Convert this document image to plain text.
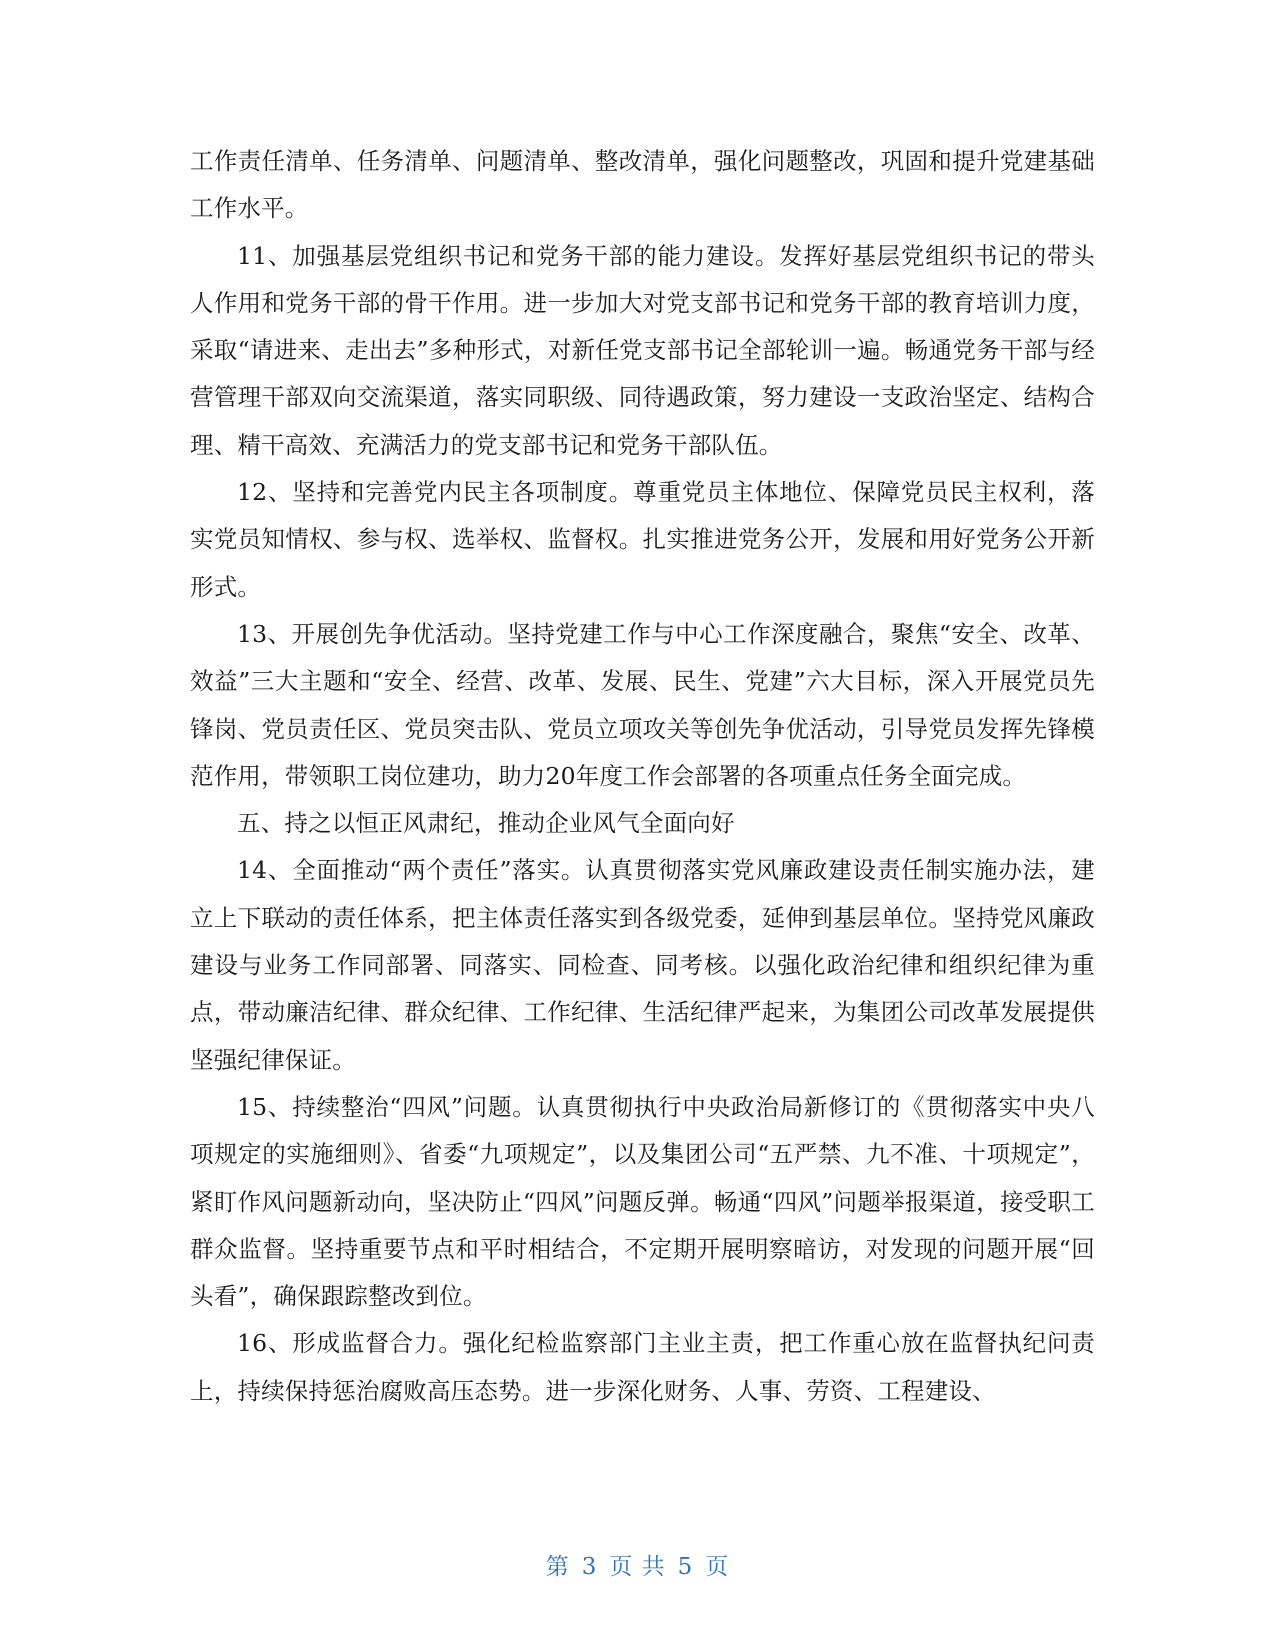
工作责任清单、任务清单、问题清单、整改清单，强化问题整改，巩固和提升党建基础工作水平。

11、加强基层党组织书记和党务干部的能力建设。发挥好基层党组织书记的带头人作用和党务干部的骨干作用。进一步加大对党支部书记和党务干部的教育培训力度，采取“请进来、走出去”多种形式，对新任党支部书记全部轮训一遍。畅通党务干部与经营管理干部双向交流渠道，落实同职级、同待遇政策，努力建设一支政治坚定、结构合理、精干高效、充满活力的党支部书记和党务干部队伍。

12、坚持和完善党内民主各项制度。尊重党员主体地位、保障党员民主权利，落实党员知情权、参与权、选举权、监督权。扎实推进党务公开，发展和用好党务公开新形式。

13、开展创先争优活动。坚持党建工作与中心工作深度融合，聚焦“安全、改革、效益”三大主题和“安全、经营、改革、发展、民生、党建”六大目标，深入开展党员先锋岗、党员责任区、党员突击队、党员立项攻关等创先争优活动，引导党员发挥先锋模范作用，带领职工岗位建功，助力20年度工作会部署的各项重点任务全面完成。

五、持之以恒正风肃纪，推动企业风气全面向好

14、全面推动“两个责任”落实。认真贯彻落实党风廉政建设责任制实施办法，建立上下联动的责任体系，把主体责任落实到各级党委，延伸到基层单位。坚持党风廉政建设与业务工作同部署、同落实、同检查、同考核。以强化政治纪律和组织纪律为重点，带动廉洁纪律、群众纪律、工作纪律、生活纪律严起来，为集团公司改革发展提供坚强纪律保证。

15、持续整治“四风”问题。认真贯彻执行中央政治局新修订的《贯彻落实中央八项规定的实施细则》、省委“九项规定”，以及集团公司“五严禁、九不准、十项规定”，紧盯作风问题新动向，坚决防止“四风”问题反弹。畅通“四风”问题举报渠道，接受职工群众监督。坚持重要节点和平时相结合，不定期开展明察暗访，对发现的问题开展“回头看”，确保跟踪整改到位。

16、形成监督合力。强化纪检监察部门主业主责，把工作重心放在监督执纪问责上，持续保持惩治腐败高压态势。进一步深化财务、人事、劳资、工程建设、

第 3 页 共 5 页
